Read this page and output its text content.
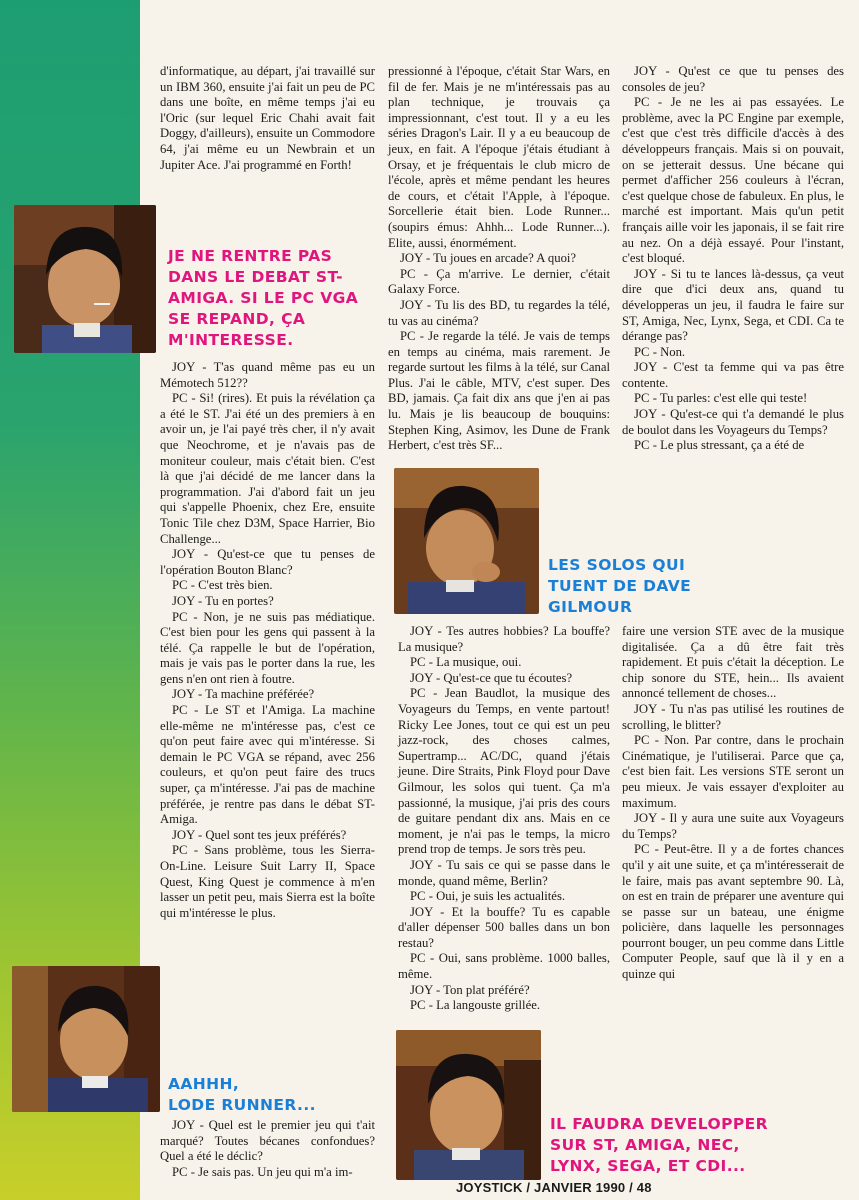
d'informatique, au départ, j'ai travaillé sur un IBM 360, ensuite j'ai fait un peu de PC dans une boîte, en même temps j'ai eu l'Oric (sur lequel Eric Chahi avait fait Doggy, d'ailleurs), ensuite un Commodore 64, j'ai même eu un Newbrain et un Jupiter Ace. J'ai programmé en Forth!

JE NE RENTRE PAS
DANS LE DEBAT ST-
AMIGA. SI LE PC VGA
SE REPAND, ÇA
M'INTERESSE.

JOY - T'as quand même pas eu un Mémotech 512??

PC - Si! (rires). Et puis la révélation ça a été le ST. J'ai été un des premiers à en avoir un, je l'ai payé très cher, il n'y avait que Neochrome, et je n'avais pas de moniteur couleur, mais c'était bien. C'est là que j'ai décidé de me lancer dans la programmation. J'ai d'abord fait un jeu qui s'appelle Phoenix, chez Ere, ensuite Tonic Tile chez D3M, Space Harrier, Bio Challenge...

JOY - Qu'est-ce que tu penses de l'opération Bouton Blanc?

PC - C'est très bien.

JOY - Tu en portes?

PC - Non, je ne suis pas médiatique. C'est bien pour les gens qui passent à la télé. Ça rappelle le but de l'opération, mais je vais pas le porter dans la rue, les gens n'en ont rien à foutre.

JOY - Ta machine préférée?

PC - Le ST et l'Amiga. La machine elle-même ne m'intéresse pas, c'est ce qu'on peut faire avec qui m'intéresse. Si demain le PC VGA se répand, avec 256 couleurs, et qu'on peut faire des trucs super, ça m'intéresse. J'ai pas de machine préférée, je rentre pas dans le débat ST-Amiga.

JOY - Quel sont tes jeux préférés?

PC - Sans problème, tous les Sierra-On-Line. Leisure Suit Larry II, Space Quest, King Quest je commence à m'en lasser un petit peu, mais Sierra est la boîte qui m'intéresse le plus.

AAHHH,
LODE RUNNER...

JOY - Quel est le premier jeu qui t'ait marqué? Toutes bécanes confondues? Quel a été le déclic?

PC - Je sais pas. Un jeu qui m'a im-

pressionné à l'époque, c'était Star Wars, en fil de fer. Mais je ne m'intéressais pas au plan technique, je trouvais ça impressionnant, c'est tout. Il y a eu les séries Dragon's Lair. Il y a eu beaucoup de jeux, en fait. A l'époque j'étais étudiant à Orsay, et je fréquentais le club micro de l'école, après et même pendant les heures de cours, et c'était l'Apple, à l'époque. Sorcellerie était bien. Lode Runner... (soupirs émus: Ahhh... Lode Runner...). Elite, aussi, énormément.

JOY - Tu joues en arcade? A quoi?

PC - Ça m'arrive. Le dernier, c'était Galaxy Force.

JOY - Tu lis des BD, tu regardes la télé, tu vas au cinéma?

PC - Je regarde la télé. Je vais de temps en temps au cinéma, mais rarement. Je regarde surtout les films à la télé, sur Canal Plus. J'ai le câble, MTV, c'est super. Des BD, jamais. Ça fait dix ans que j'en ai pas lu. Mais je lis beaucoup de bouquins: Stephen King, Asimov, les Dune de Frank Herbert, c'est très SF...

JOY - Qu'est ce que tu penses des consoles de jeu?

PC - Je ne les ai pas essayées. Le problème, avec la PC Engine par exemple, c'est que c'est très difficile d'accès à des développeurs français. Mais si on pouvait, on se jetterait dessus. Une bécane qui permet d'afficher 256 couleurs à l'écran, c'est quelque chose de fabuleux. En plus, le marché est important. Mais qu'un petit français aille voir les japonais, il se fait rire au nez. On a déjà essayé. Pour l'instant, c'est bloqué.

JOY - Si tu te lances là-dessus, ça veut dire que d'ici deux ans, quand tu développeras un jeu, il faudra le faire sur ST, Amiga, Nec, Lynx, Sega, et CDI. Ca te dérange pas?

PC - Non.

JOY - C'est ta femme qui va pas être contente.

PC - Tu parles: c'est elle qui teste!

JOY - Qu'est-ce qui t'a demandé le plus de boulot dans les Voyageurs du Temps?

PC - Le plus stressant, ça a été de

LES SOLOS QUI
TUENT DE DAVE
GILMOUR

JOY - Tes autres hobbies? La bouffe? La musique?

PC - La musique, oui.

JOY - Qu'est-ce que tu écoutes?

PC - Jean Baudlot, la musique des Voyageurs du Temps, en vente partout! Ricky Lee Jones, tout ce qui est un peu jazz-rock, des choses calmes, Supertramp... AC/DC, quand j'étais jeune. Dire Straits, Pink Floyd pour Dave Gilmour, les solos qui tuent. Ça m'a passionné, la musique, j'ai pris des cours de guitare pendant dix ans. Mais en ce moment, je n'ai pas le temps, la micro prend trop de temps. Je sors très peu.

JOY - Tu sais ce qui se passe dans le monde, quand même, Berlin?

PC - Oui, je suis les actualités.

JOY - Et la bouffe? Tu es capable d'aller dépenser 500 balles dans un bon restau?

PC - Oui, sans problème. 1000 balles, même.

JOY - Ton plat préféré?

PC - La langouste grillée.

faire une version STE avec de la musique digitalisée. Ça a dû être fait très rapidement. Et puis c'était la déception. Le chip sonore du STE, hein... Ils avaient annoncé tellement de choses...

JOY - Tu n'as pas utilisé les routines de scrolling, le blitter?

PC - Non. Par contre, dans le prochain Cinématique, je l'utiliserai. Parce que ça, c'est bien fait. Les versions STE seront un peu mieux. Je vais essayer d'exploiter au maximum.

JOY - Il y aura une suite aux Voyageurs du Temps?

PC - Peut-être. Il y a de fortes chances qu'il y ait une suite, et ça m'intéresserait de le faire, mais pas avant septembre 90. Là, on est en train de préparer une aventure qui se passe sur un bateau, une énigme policière, dans laquelle les personnages pourront bouger, un peu comme dans Little Computer People, sauf que là il y en a quinze qui

IL FAUDRA DEVELOPPER
SUR ST, AMIGA, NEC,
LYNX, SEGA, ET CDI...
JOYSTICK / JANVIER 1990 / 48
